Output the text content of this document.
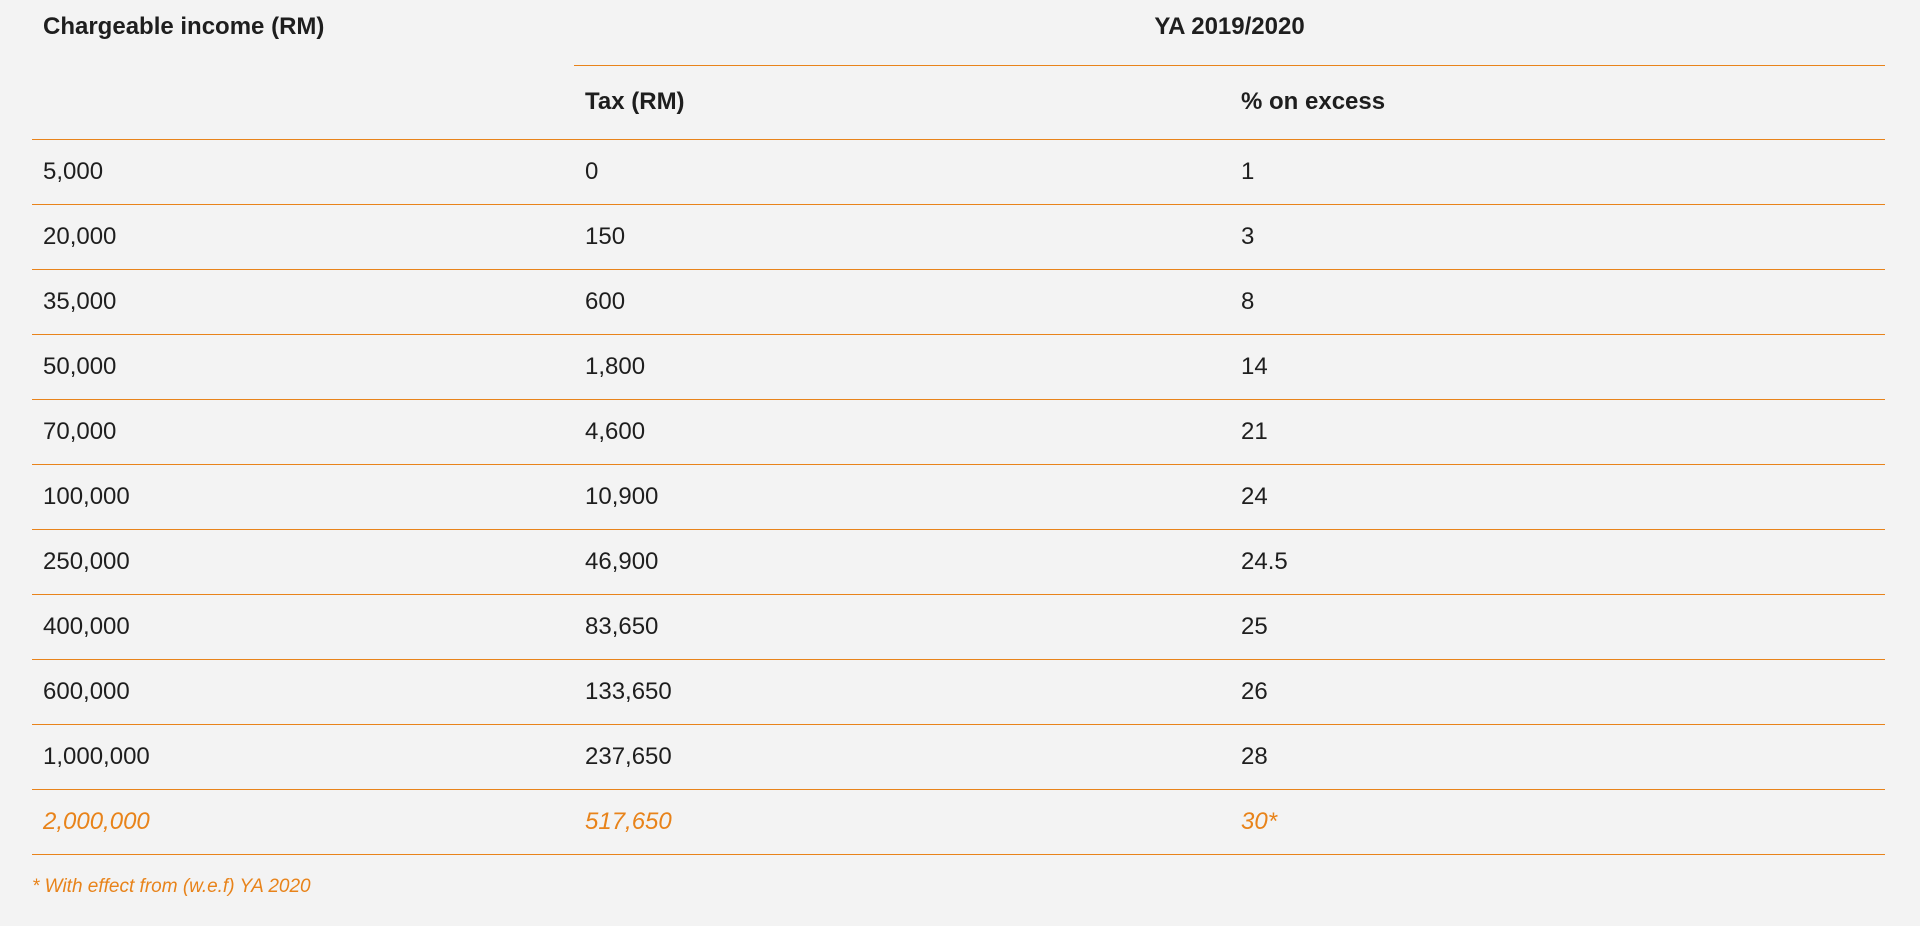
Chargeable income (RM)	YA 2019/2020	
	Tax (RM)	% on excess
5,000	0	1
20,000	150	3
35,000	600	8
50,000	1,800	14
70,000	4,600	21
100,000	10,900	24
250,000	46,900	24.5
400,000	83,650	25
600,000	133,650	26
1,000,000	237,650	28
2,000,000	517,650	30*
* With effect from (w.e.f) YA 2020
